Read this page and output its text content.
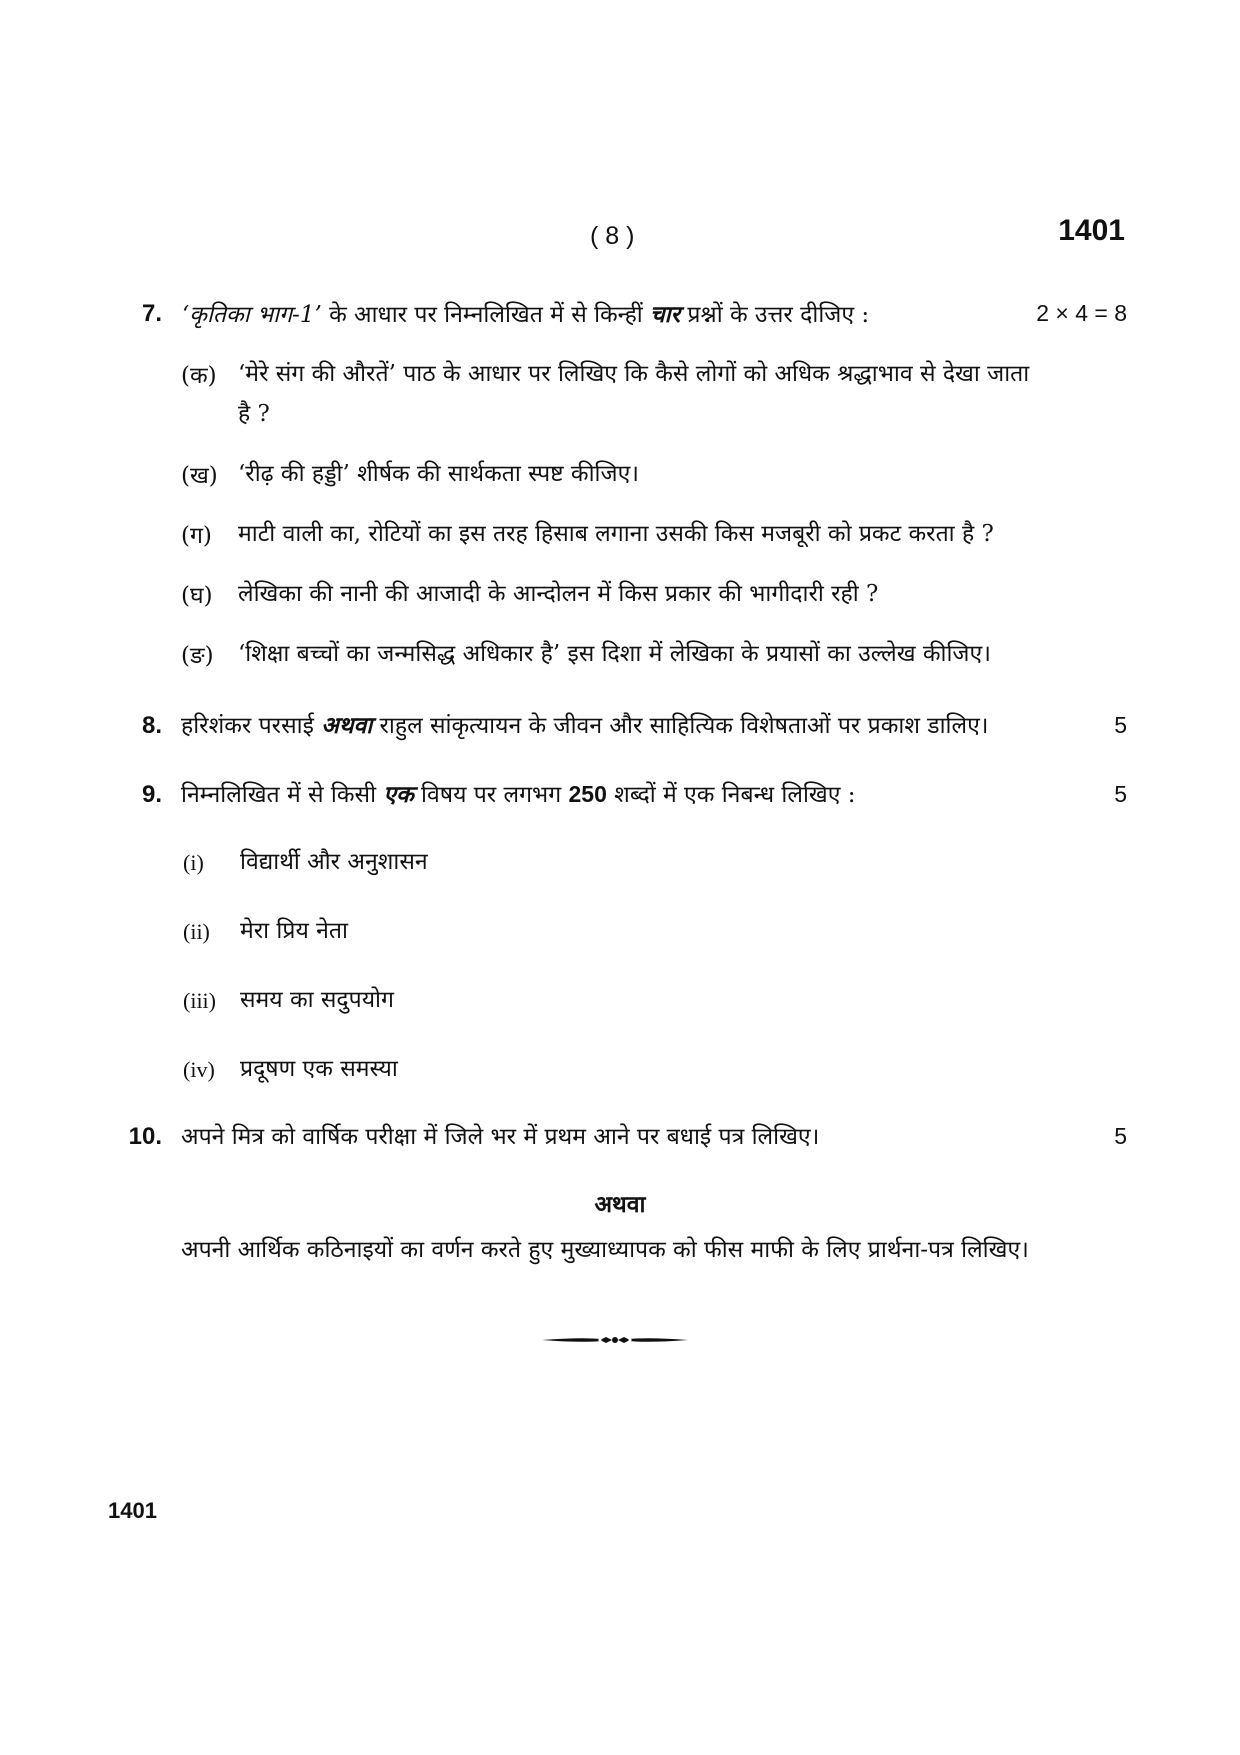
( 8 )	1401
7. ‘कृतिका भाग-1’ के आधार पर निम्नलिखित में से किन्हीं चार प्रश्नों के उत्तर दीजिए :	2 × 4 = 8
(क) ‘मेरे संग की औरतें’ पाठ के आधार पर लिखिए कि कैसे लोगों को अधिक श्रद्धाभाव से देखा जाता
है ?
(ख) ‘रीढ़ की हड्डी’ शीर्षक की सार्थकता स्पष्ट कीजिए।
(ग) माटी वाली का, रोटियों का इस तरह हिसाब लगाना उसकी किस मजबूरी को प्रकट करता है ?
(घ) लेखिका की नानी की आजादी के आन्दोलन में किस प्रकार की भागीदारी रही ?
(ङ) ‘शिक्षा बच्चों का जन्मसिद्ध अधिकार है’ इस दिशा में लेखिका के प्रयासों का उल्लेख कीजिए।
8. हरिशंकर परसाई अथवा राहुल सांकृत्यायन के जीवन और साहित्यिक विशेषताओं पर प्रकाश डालिए।	5
9. निम्नलिखित में से किसी एक विषय पर लगभग 250 शब्दों में एक निबन्ध लिखिए :	5
(i) विद्यार्थी और अनुशासन
(ii) मेरा प्रिय नेता
(iii) समय का सदुपयोग
(iv) प्रदूषण एक समस्या
10. अपने मित्र को वार्षिक परीक्षा में जिले भर में प्रथम आने पर बधाई पत्र लिखिए।	5
अथवा
अपनी आर्थिक कठिनाइयों का वर्णन करते हुए मुख्याध्यापक को फीस माफी के लिए प्रार्थना-पत्र लिखिए।
1401
